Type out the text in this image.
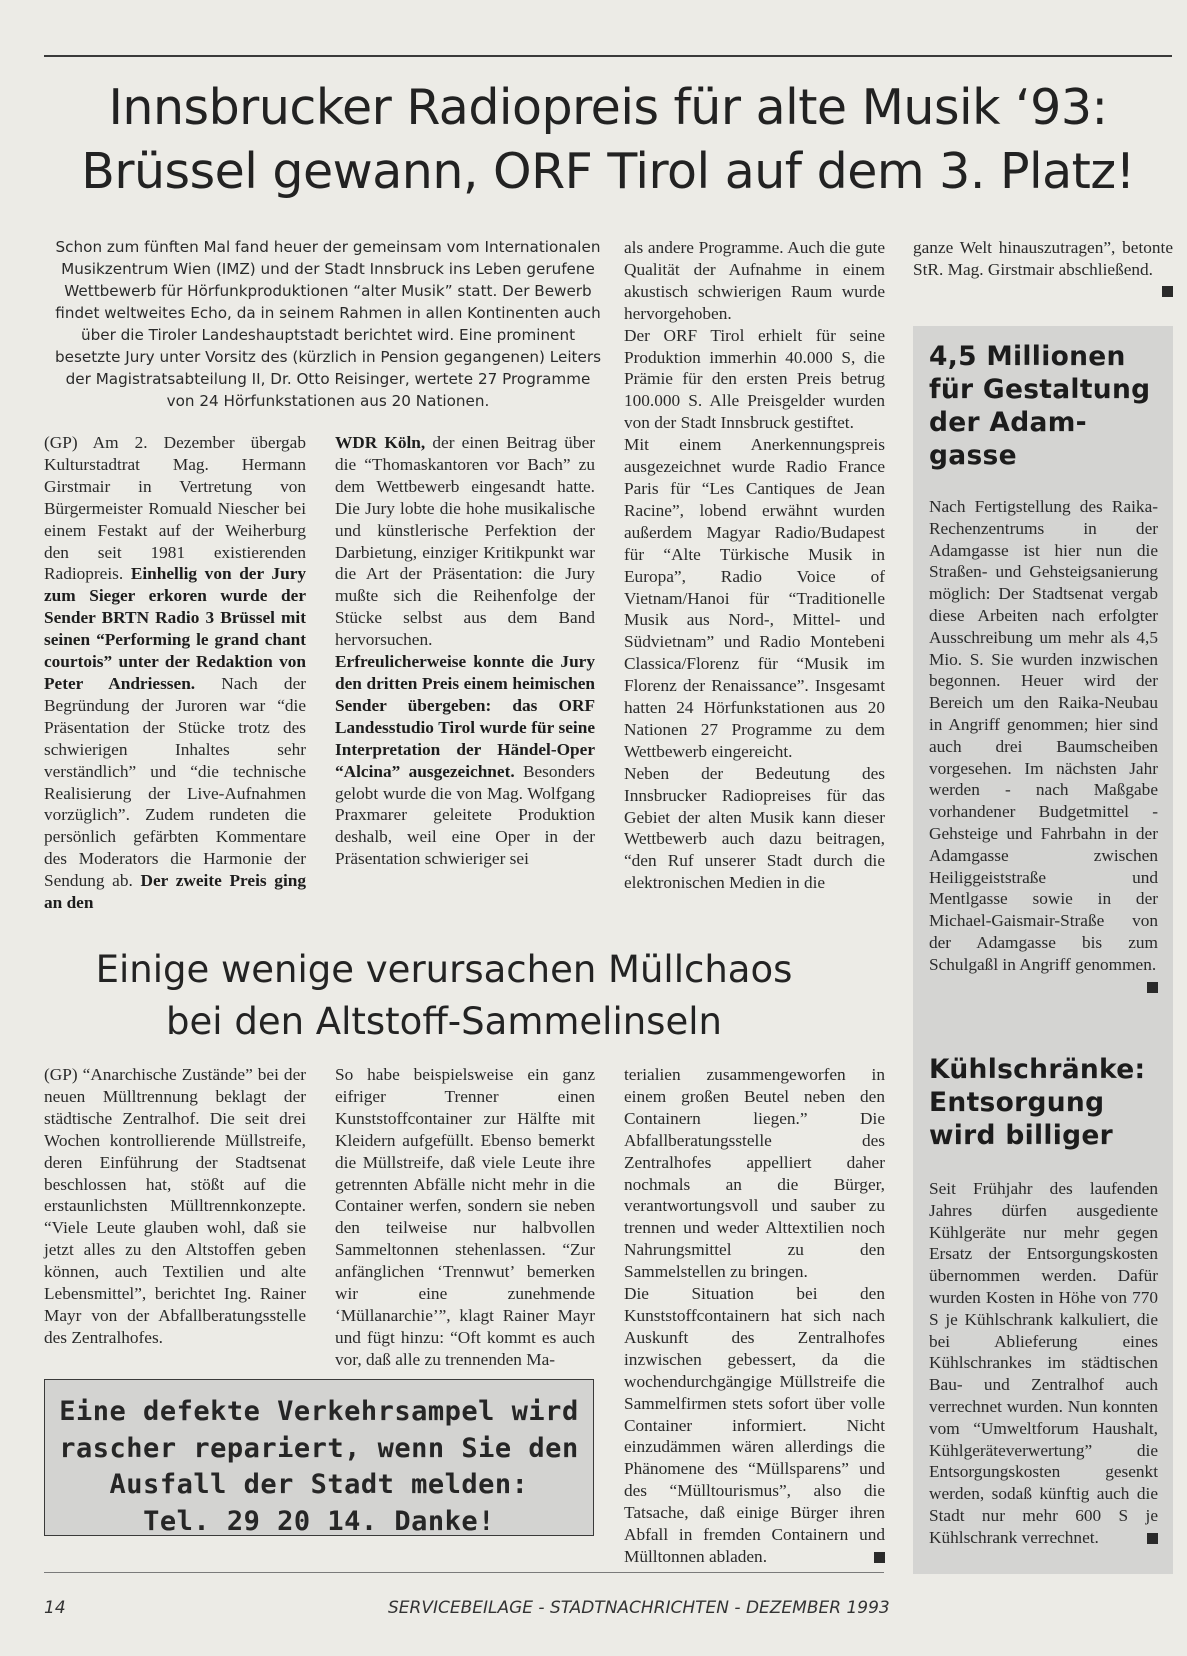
Innsbrucker Radiopreis für alte Musik ‘93:
Brüssel gewann, ORF Tirol auf dem 3. Platz!
Schon zum fünften Mal fand heuer der gemeinsam vom Internationalen
Musikzentrum Wien (IMZ) und der Stadt Innsbruck ins Leben gerufene
Wettbewerb für Hörfunkproduktionen “alter Musik” statt. Der Bewerb
findet weltweites Echo, da in seinem Rahmen in allen Kontinenten auch
über die Tiroler Landeshauptstadt berichtet wird. Eine prominent
besetzte Jury unter Vorsitz des (kürzlich in Pension gegangenen) Leiters
der Magistratsabteilung II, Dr. Otto Reisinger, wertete 27 Programme
von 24 Hörfunkstationen aus 20 Nationen.

(GP) Am 2. Dezember übergab Kulturstadtrat Mag. Hermann Girstmair in Vertretung von Bürgermeister Romuald Niescher bei einem Festakt auf der Weiherburg den seit 1981 existierenden Radiopreis. Einhellig von der Jury zum Sieger erkoren wurde der Sender BRTN Radio 3 Brüssel mit seinen “Performing le grand chant courtois” unter der Redaktion von Peter Andriessen. Nach der Begründung der Juroren war “die Präsentation der Stücke trotz des schwierigen Inhaltes sehr verständlich” und “die technische Realisierung der Live-Aufnahmen vorzüglich”. Zudem rundeten die persönlich gefärbten Kommentare des Moderators die Harmonie der Sendung ab. Der zweite Preis ging an den

WDR Köln, der einen Beitrag über die “Thomaskantoren vor Bach” zu dem Wettbewerb eingesandt hatte. Die Jury lobte die hohe musikalische und künstlerische Perfektion der Darbietung, einziger Kritikpunkt war die Art der Präsentation: die Jury mußte sich die Reihenfolge der Stücke selbst aus dem Band hervorsuchen.

Erfreulicherweise konnte die Jury den dritten Preis einem heimischen Sender übergeben: das ORF Landesstudio Tirol wurde für seine Interpretation der Händel-Oper “Alcina” ausgezeichnet. Besonders gelobt wurde die von Mag. Wolfgang Praxmarer geleitete Produktion deshalb, weil eine Oper in der Präsentation schwieriger sei

als andere Programme. Auch die gute Qualität der Aufnahme in einem akustisch schwierigen Raum wurde hervorgehoben.

Der ORF Tirol erhielt für seine Produktion immerhin 40.000 S, die Prämie für den ersten Preis betrug 100.000 S. Alle Preisgelder wurden von der Stadt Innsbruck gestiftet.

Mit einem Anerkennungspreis ausgezeichnet wurde Radio France Paris für “Les Cantiques de Jean Racine”, lobend erwähnt wurden außerdem Magyar Radio/Budapest für “Alte Türkische Musik in Europa”, Radio Voice of Vietnam/Hanoi für “Traditionelle Musik aus Nord-, Mittel- und Südvietnam” und Radio Montebeni Classica/Florenz für “Musik im Florenz der Renaissance”. Insgesamt hatten 24 Hörfunkstationen aus 20 Nationen 27 Programme zu dem Wettbewerb eingereicht.

Neben der Bedeutung des Innsbrucker Radiopreises für das Gebiet der alten Musik kann dieser Wettbewerb auch dazu beitragen, “den Ruf unserer Stadt durch die elektronischen Medien in die

ganze Welt hinauszutragen”, betonte StR. Mag. Girstmair abschließend.

4,5 Millionen
für Gestaltung
der Adam-
gasse

Nach Fertigstellung des Raika-Rechenzentrums in der Adamgasse ist hier nun die Straßen- und Gehsteigsanierung möglich: Der Stadtsenat vergab diese Arbeiten nach erfolgter Ausschreibung um mehr als 4,5 Mio. S. Sie wurden inzwischen begonnen. Heuer wird der Bereich um den Raika-Neubau in Angriff genommen; hier sind auch drei Baumscheiben vorgesehen. Im nächsten Jahr werden - nach Maßgabe vorhandener Budgetmittel - Gehsteige und Fahrbahn in der Adamgasse zwischen Heiliggeiststraße und Mentlgasse sowie in der Michael-Gaismair-Straße von der Adamgasse bis zum Schulgaßl in Angriff genommen.

Kühlschränke:
Entsorgung
wird billiger

Seit Frühjahr des laufenden Jahres dürfen ausgediente Kühlgeräte nur mehr gegen Ersatz der Entsorgungskosten übernommen werden. Dafür wurden Kosten in Höhe von 770 S je Kühlschrank kalkuliert, die bei Ablieferung eines Kühlschrankes im städtischen Bau- und Zentralhof auch verrechnet wurden. Nun konnten vom “Umweltforum Haushalt, Kühlgeräteverwertung” die Entsorgungskosten gesenkt werden, sodaß künftig auch die Stadt nur mehr 600 S je Kühlschrank verrechnet.

Einige wenige verursachen Müllchaos
bei den Altstoff-Sammelinseln

(GP) “Anarchische Zustände” bei der neuen Mülltrennung beklagt der städtische Zentralhof. Die seit drei Wochen kontrollierende Müllstreife, deren Einführung der Stadtsenat beschlossen hat, stößt auf die erstaunlichsten Mülltrennkonzepte. “Viele Leute glauben wohl, daß sie jetzt alles zu den Altstoffen geben können, auch Textilien und alte Lebensmittel”, berichtet Ing. Rainer Mayr von der Abfallberatungsstelle des Zentralhofes.

So habe beispielsweise ein ganz eifriger Trenner einen Kunststoffcontainer zur Hälfte mit Kleidern aufgefüllt. Ebenso bemerkt die Müllstreife, daß viele Leute ihre getrennten Abfälle nicht mehr in die Container werfen, sondern sie neben den teilweise nur halbvollen Sammeltonnen stehenlassen. “Zur anfänglichen ‘Trennwut’ bemerken wir eine zunehmende ‘Müllanarchie’”, klagt Rainer Mayr und fügt hinzu: “Oft kommt es auch vor, daß alle zu trennenden Ma-

terialien zusammengeworfen in einem großen Beutel neben den Containern liegen.” Die Abfallberatungsstelle des Zentralhofes appelliert daher nochmals an die Bürger, verantwortungsvoll und sauber zu trennen und weder Alttextilien noch Nahrungsmittel zu den Sammelstellen zu bringen.

Die Situation bei den Kunststoffcontainern hat sich nach Auskunft des Zentralhofes inzwischen gebessert, da die wochendurchgängige Müllstreife die Sammelfirmen stets sofort über volle Container informiert. Nicht einzudämmen wären allerdings die Phänomene des “Müllsparens” und des “Mülltourismus”, also die Tatsache, daß einige Bürger ihren Abfall in fremden Containern und Mülltonnen abladen.

Eine defekte Verkehrsampel wird
rascher repariert, wenn Sie den
Ausfall der Stadt melden:
Tel. 29 20 14. Danke!
14	SERVICEBEILAGE - STADTNACHRICHTEN - DEZEMBER 1993
